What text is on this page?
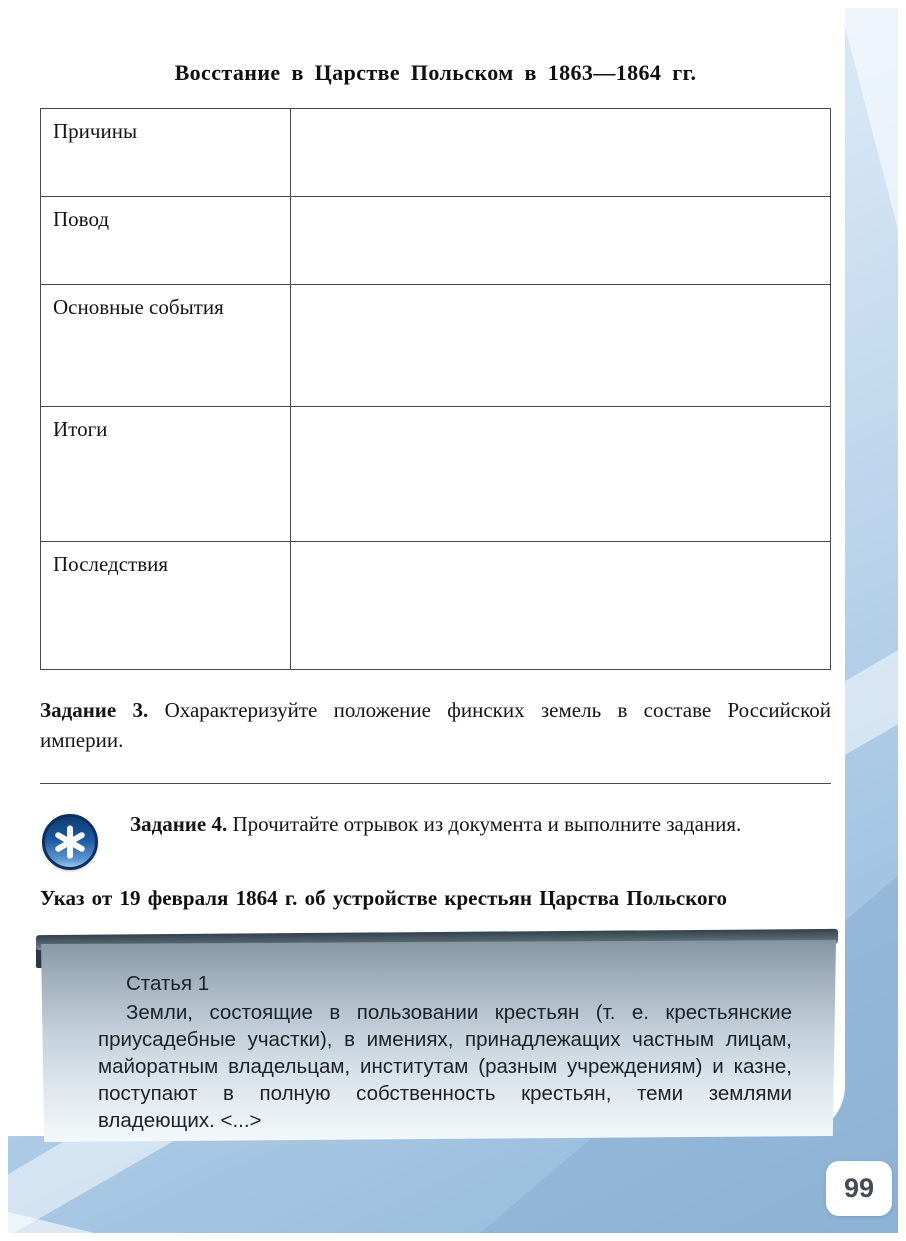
Восстание в Царстве Польском в 1863—1864 гг.
Причины	
Повод	
Основные события	
Итоги	
Последствия	
Задание 3. Охарактеризуйте положение финских земель в составе Российской империи.
Задание 4. Прочитайте отрывок из документа и выполните задания.
Указ от 19 февраля 1864 г. об устройстве крестьян Царства Польского
Статья 1
Земли, состоящие в пользовании крестьян (т. е. крестьянские приусадебные участки), в имениях, принадлежащих частным лицам, майоратным владельцам, институтам (разным учреждениям) и казне, поступают в полную собственность крестьян, теми землями владеющих. <...>
99
